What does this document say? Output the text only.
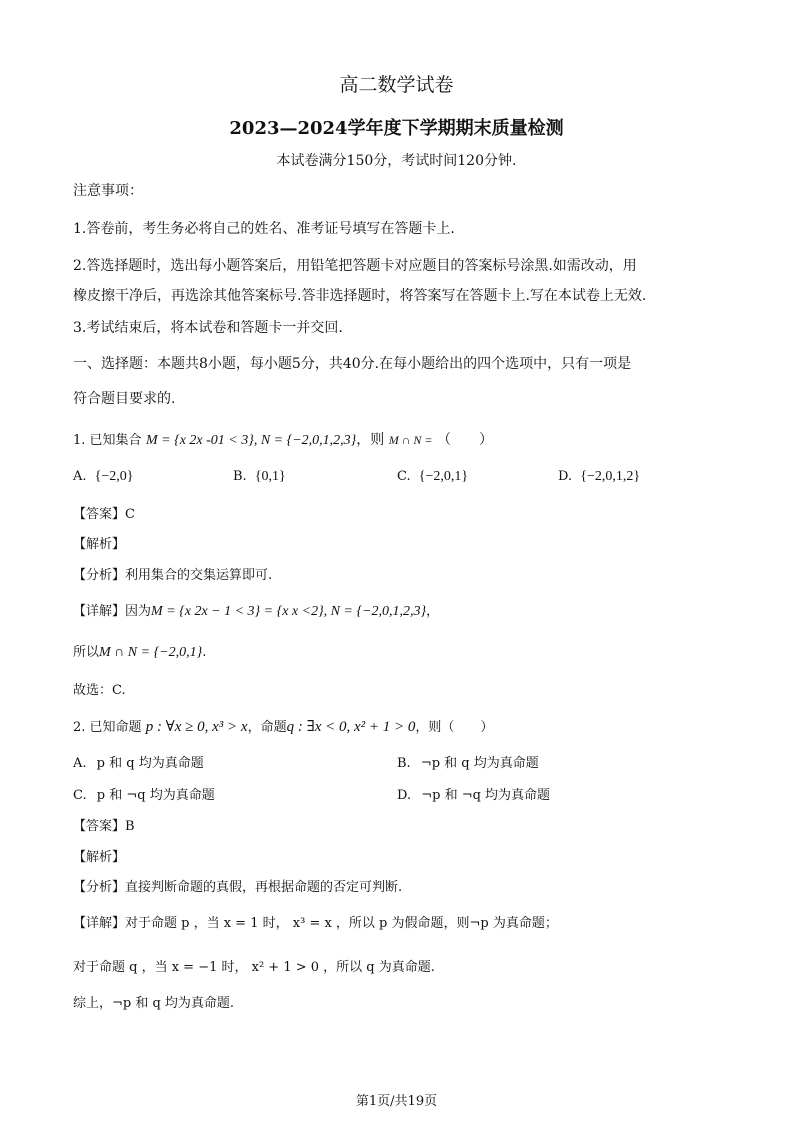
高二数学试卷
2023—2024学年度下学期期末质量检测
本试卷满分150分，考试时间120分钟.
注意事项：
1.答卷前，考生务必将自己的姓名、准考证号填写在答题卡上.
2.答选择题时，选出每小题答案后，用铅笔把答题卡对应题目的答案标号涂黑.如需改动，用
橡皮擦干净后，再选涂其他答案标号.答非选择题时，将答案写在答题卡上.写在本试卷上无效.
3.考试结束后，将本试卷和答题卡一并交回.
一、选择题：本题共8小题，每小题5分，共40分.在每小题给出的四个选项中，只有一项是
符合题目要求的.
1. 已知集合 M = {x 2x -01 < 3}, N = {−2,0,1,2,3}，则 M ∩ N = （　　）
A. {−2,0}	B. {0,1}	C. {−2,0,1}	D. {−2,0,1,2}
【答案】C
【解析】
【分析】利用集合的交集运算即可.
【详解】因为M = {x 2x − 1 < 3} = {x x <2}, N = {−2,0,1,2,3}，
所以M ∩ N = {−2,0,1}.
故选：C.
2. 已知命题 p : ∀x ≥ 0, x³ > x，命题q : ∃x < 0, x² + 1 > 0，则（　　）
A. p 和 q 均为真命题	B. ¬p 和 q 均为真命题
C. p 和 ¬q 均为真命题	D. ¬p 和 ¬q 均为真命题
【答案】B
【解析】
【分析】直接判断命题的真假，再根据命题的否定可判断.
【详解】对于命题 p ，当 x = 1 时， x³ = x ，所以 p 为假命题，则¬p 为真命题；
对于命题 q ，当 x = −1 时， x² + 1 > 0 ，所以 q 为真命题.
综上，¬p 和 q 均为真命题.
第1页/共19页
